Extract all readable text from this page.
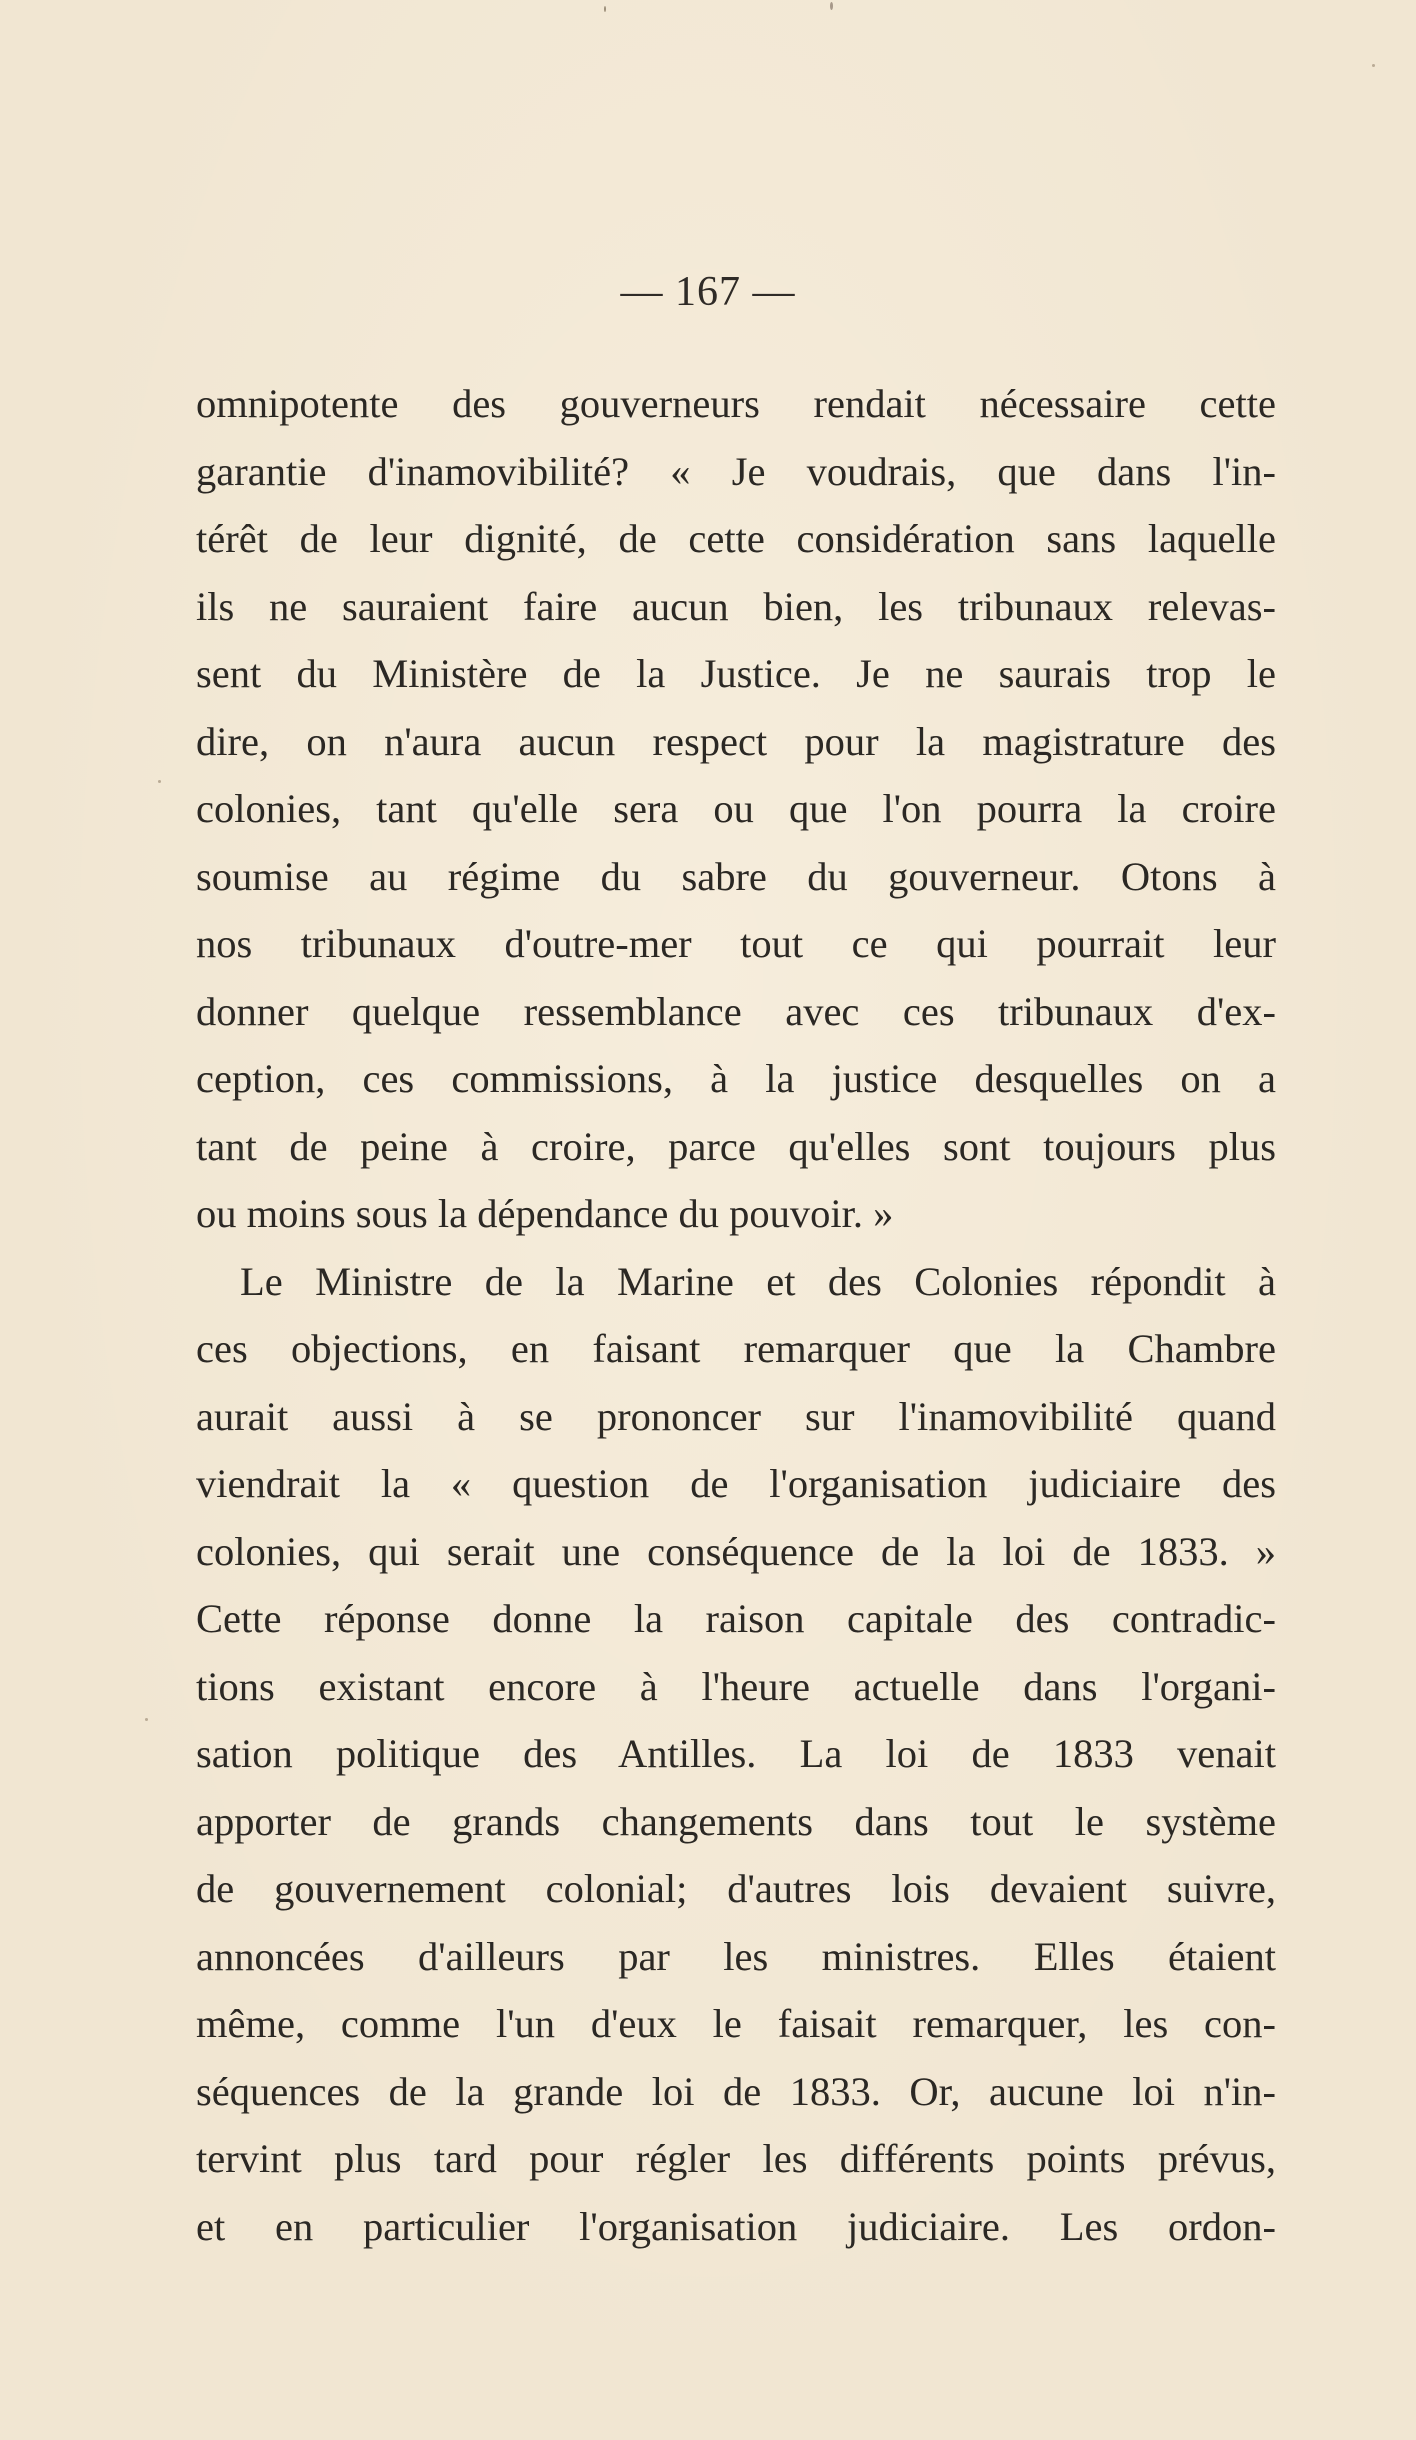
— 167 —
omnipotente des gouverneurs rendait nécessaire cette
garantie d'inamovibilité? « Je voudrais, que dans l'in-
térêt de leur dignité, de cette considération sans laquelle
ils ne sauraient faire aucun bien, les tribunaux relevas-
sent du Ministère de la Justice. Je ne saurais trop le
dire, on n'aura aucun respect pour la magistrature des
colonies, tant qu'elle sera ou que l'on pourra la croire
soumise au régime du sabre du gouverneur. Otons à
nos tribunaux d'outre-mer tout ce qui pourrait leur
donner quelque ressemblance avec ces tribunaux d'ex-
ception, ces commissions, à la justice desquelles on a
tant de peine à croire, parce qu'elles sont toujours plus
ou moins sous la dépendance du pouvoir. »
Le Ministre de la Marine et des Colonies répondit à
ces objections, en faisant remarquer que la Chambre
aurait aussi à se prononcer sur l'inamovibilité quand
viendrait la « question de l'organisation judiciaire des
colonies, qui serait une conséquence de la loi de 1833. »
Cette réponse donne la raison capitale des contradic-
tions existant encore à l'heure actuelle dans l'organi-
sation politique des Antilles. La loi de 1833 venait
apporter de grands changements dans tout le système
de gouvernement colonial; d'autres lois devaient suivre,
annoncées d'ailleurs par les ministres. Elles étaient
même, comme l'un d'eux le faisait remarquer, les con-
séquences de la grande loi de 1833. Or, aucune loi n'in-
tervint plus tard pour régler les différents points prévus,
et en particulier l'organisation judiciaire. Les ordon-
